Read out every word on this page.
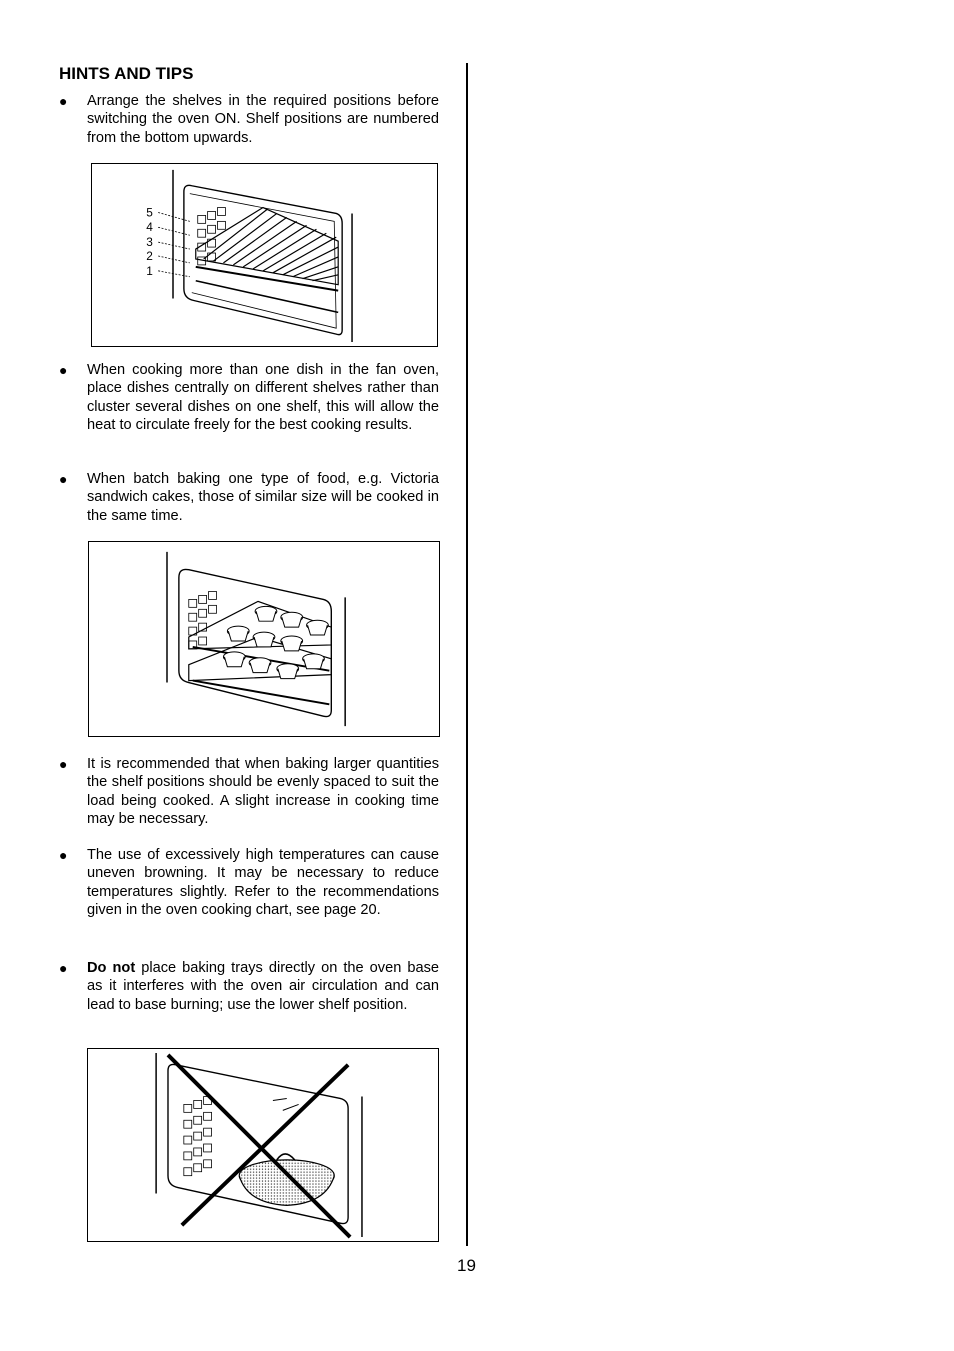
HINTS AND TIPS
● Arrange the shelves in the required positions before switching the oven ON. Shelf positions are numbered from the bottom upwards.
5
4
3
2
1
● When cooking more than one dish in the fan oven, place dishes centrally on different shelves rather than cluster several dishes on one shelf, this will allow the heat to circulate freely for the best cooking results.
● When batch baking one type of food, e.g. Victoria sandwich cakes, those of similar size will be cooked in the same time.
● It is recommended that when baking larger quantities the shelf positions should be evenly spaced to suit the load being cooked. A slight increase in cooking time may be necessary.
● The use of excessively high temperatures can cause uneven browning. It may be necessary to reduce temperatures slightly. Refer to the recommendations given in the oven cooking chart, see page 20.
● Do not place baking trays directly on the oven base as it interferes with the oven air circulation and can lead to base burning; use the lower shelf position.
19
